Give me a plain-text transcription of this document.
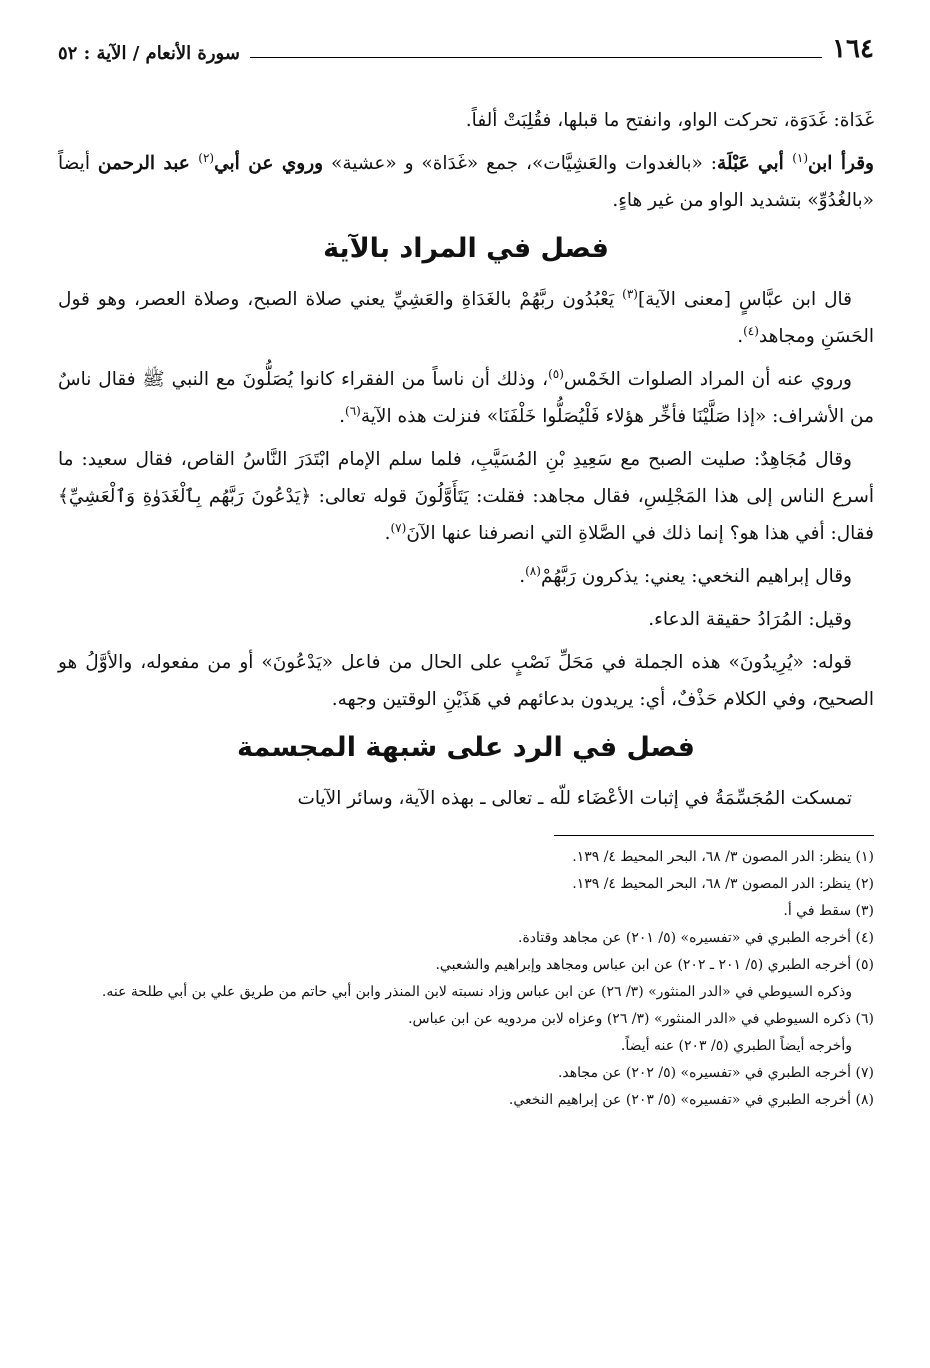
١٦٤
سورة الأنعام / الآية : ٥٢

غَدَاة: غَدَوَة، تحركت الواو، وانفتح ما قبلها، فقُلِبَتْ ألفاً.

وقرأ ابن$^{(١)}$ أبي عَبْلَة: «بالغدوات والعَشِيَّات»، جمع «غَدَاة» و «عشية» وروي عن أبي$^{(٢)}$ عبد الرحمن أيضاً «بالغُدُوِّ» بتشديد الواو من غير هاءٍ.

فصل في المراد بالآية

قال ابن عبَّاسٍ [معنى الآية]$^{(٣)}$ يَعْبُدُون ربَّهُمْ بالغَدَاةِ والعَشِيِّ يعني صلاة الصبح، وصلاة العصر، وهو قول الحَسَنِ ومجاهد$^{(٤)}$.

وروي عنه أن المراد الصلوات الخَمْس$^{(٥)}$، وذلك أن ناساً من الفقراء كانوا يُصَلُّونَ مع النبي ﷺ فقال ناسٌ من الأشراف: «إذا صَلَّيْنَا فأخِّر هؤلاء فَلْيُصَلُّوا خَلْفَنَا» فنزلت هذه الآية$^{(٦)}$.

وقال مُجَاهِدٌ: صليت الصبح مع سَعِيدِ بْنِ المُسَيَّبِ، فلما سلم الإمام ابْتَدَرَ النَّاسُ القاص، فقال سعيد: ما أسرع الناس إلى هذا المَجْلِسِ، فقال مجاهد: فقلت: يَتَأَوَّلُونَ قوله تعالى: ﴿يَدْعُونَ رَبَّهُم بِٱلْغَدَوٰةِ وَٱلْعَشِيِّ﴾ فقال: أفي هذا هو؟ إنما ذلك في الصَّلاةِ التي انصرفنا عنها الآنَ$^{(٧)}$.

وقال إبراهيم النخعي: يعني: يذكرون رَبَّهُمْ$^{(٨)}$.

وقيل: المُرَادُ حقيقة الدعاء.

قوله: «يُرِيدُونَ» هذه الجملة في مَحَلِّ نَصْبٍ على الحال من فاعل «يَدْعُونَ» أو من مفعوله، والأوَّلُ هو الصحيح، وفي الكلام حَذْفٌ، أي: يريدون بدعائهم في هَذَيْنِ الوقتين وجهه.

فصل في الرد على شبهة المجسمة

تمسكت المُجَسِّمَةُ في إثبات الأعْضَاء للّه ـ تعالى ـ بهذه الآية، وسائر الآيات

(١) ينظر: الدر المصون ٣/ ٦٨، البحر المحيط ٤/ ١٣٩.

(٢) ينظر: الدر المصون ٣/ ٦٨، البحر المحيط ٤/ ١٣٩.

(٣) سقط في أ.

(٤) أخرجه الطبري في «تفسيره» (٥/ ٢٠١) عن مجاهد وقتادة.

(٥) أخرجه الطبري (٥/ ٢٠١ ـ ٢٠٢) عن ابن عباس ومجاهد وإبراهيم والشعبي.

وذكره السيوطي في «الدر المنثور» (٣/ ٢٦) عن ابن عباس وزاد نسبته لابن المنذر وابن أبي حاتم من طريق علي بن أبي طلحة عنه.

(٦) ذكره السيوطي في «الدر المنثور» (٣/ ٢٦) وعزاه لابن مردويه عن ابن عباس.

وأخرجه أيضاً الطبري (٥/ ٢٠٣) عنه أيضاً.

(٧) أخرجه الطبري في «تفسيره» (٥/ ٢٠٢) عن مجاهد.

(٨) أخرجه الطبري في «تفسيره» (٥/ ٢٠٣) عن إبراهيم النخعي.
